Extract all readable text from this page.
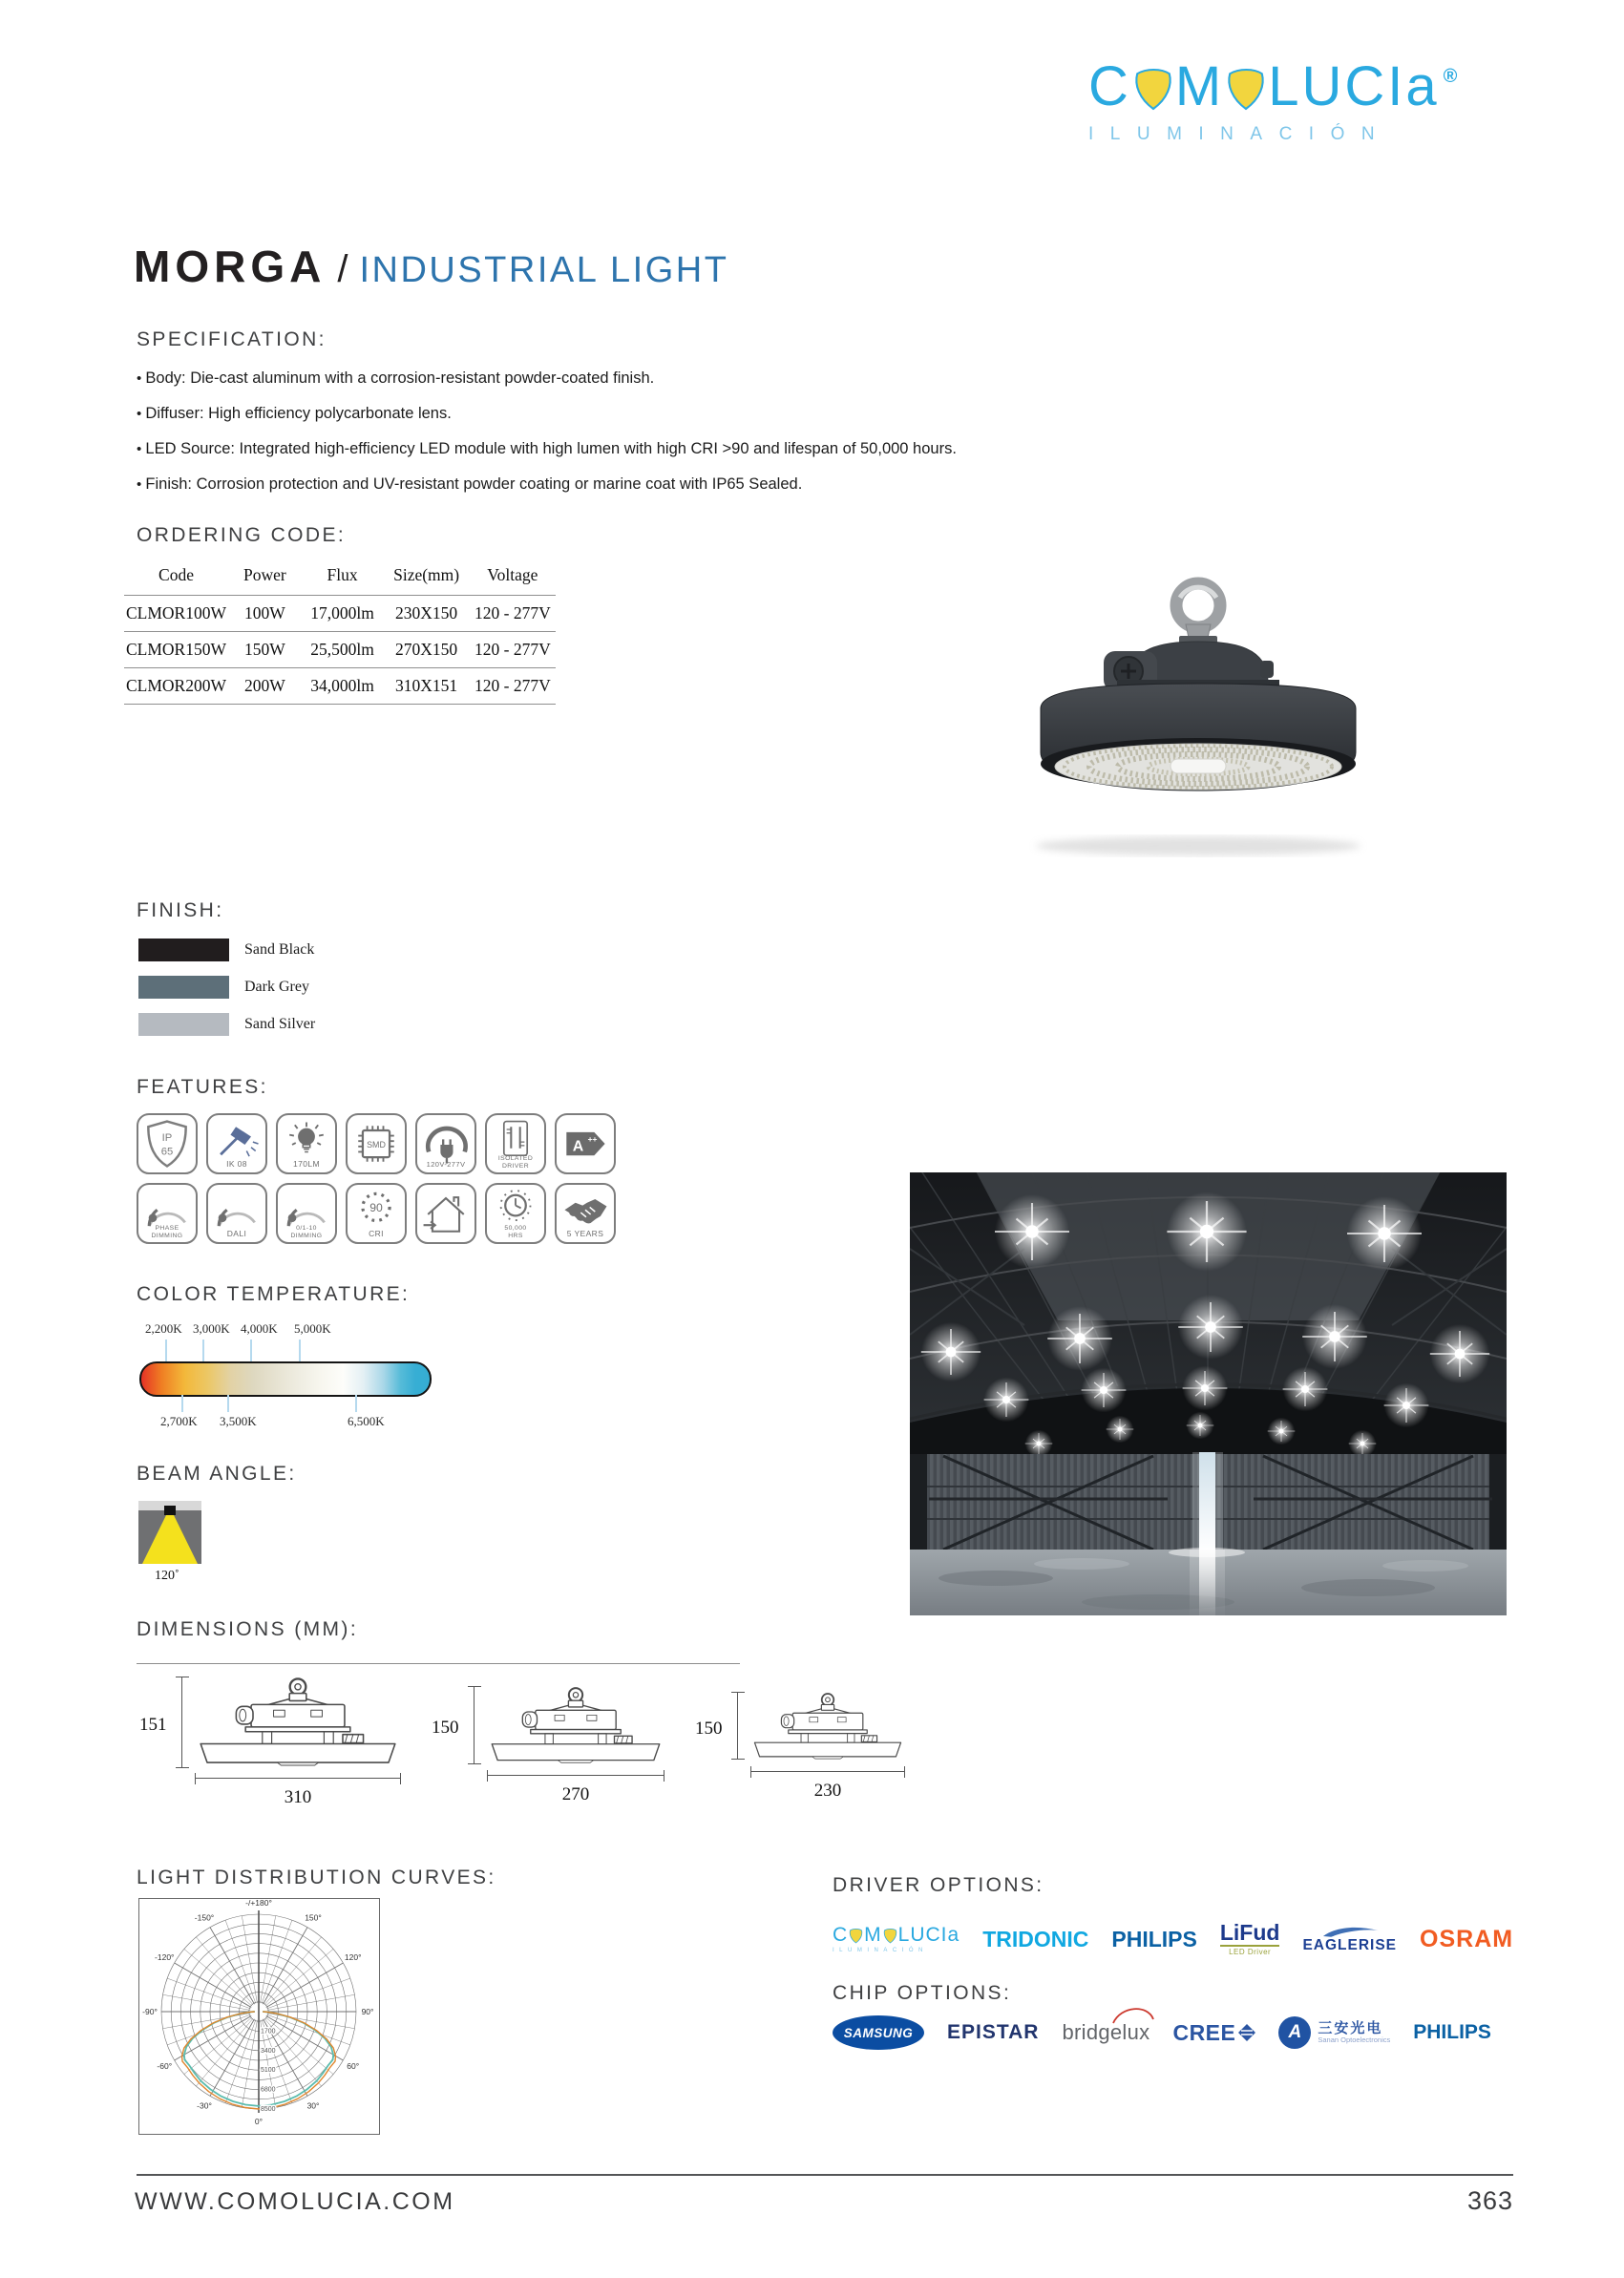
C M LUCIa ®
ILUMINACIÓN
MORGA / INDUSTRIAL LIGHT
SPECIFICATION:
• Body: Die-cast aluminum with a corrosion-resistant powder-coated finish.
• Diffuser: High efficiency polycarbonate lens.
• LED Source: Integrated high-efficiency LED module with high lumen with high CRI >90 and lifespan of 50,000 hours.
• Finish: Corrosion protection and UV-resistant powder coating or marine coat with IP65 Sealed.
ORDERING CODE:
Code	Power	Flux	Size(mm)	Voltage
CLMOR100W	100W	17,000lm	230X150	120 - 277V
CLMOR150W	150W	25,500lm	270X150	120 - 277V
CLMOR200W	200W	34,000lm	310X151	120 - 277V
FINISH:
Sand Black
Dark Grey
Sand Silver
FEATURES:
IP
65
IK 08	170LM
SMD
120V-277V
ISOLATED
DRIVER
A ++
PHASE
DIMMING	DALI
0/1-10
DIMMING
90
CRI
50,000
HRS	5 YEARS
COLOR TEMPERATURE:
2,200K 3,000K 4,000K 5,000K
2,700K 3,500K	6,500K
BEAM ANGLE:
120˚
DIMENSIONS (MM):
151
310
150
270
150
230
LIGHT DISTRIBUTION CURVES:
-/+180°
-150°	150°
-120°	120°
-90°	90°
-60°	60°
-30°	30°
0°
1700
3400
5100
6800
8500
DRIVER OPTIONS:
C M LUCIa
ILUMINACIÓN TRIDONIC PHILIPS LiFud
LED Driver EAGLERISE OSRAM
CHIP OPTIONS:
SAMSUNG EPISTAR bridgelux CREE	A	三安光电
Sanan Optoelectronics PHILIPS
WWW.COMOLUCIA.COM	363
